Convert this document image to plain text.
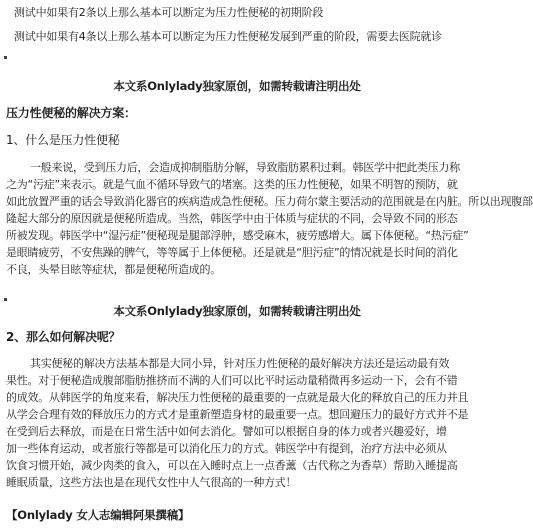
测试中如果有2条以上那么基本可以断定为压力性便秘的初期阶段
测试中如果有4条以上那么基本可以断定为压力性便秘发展到严重的阶段，需要去医院就诊
本文系Onlylady独家原创，如需转载请注明出处
压力性便秘的解决方案：
1、什么是压力性便秘
一般来说，受到压力后，会造成抑制脂肪分解，导致脂肪累积过剩。韩医学中把此类压力称
之为“污症”来表示。就是气血不循环导致气的堵塞。这类的压力性便秘，如果不明智的预防，就
如此放置严重的话会导致消化器官的疾病造成急性便秘。压力荷尔蒙主要活动的范围就是在内脏。所以出现腹部
隆起大部分的原因就是便秘所造成。当然，韩医学中由于体质与症状的不同，会导致不同的形态
所被发现。韩医学中“湿污症”便秘现是腿部浮肿，感受麻木，疲劳感增大。属下体便秘。“热污症”
是眼睛疲劳，不安焦躁的脾气，等等属于上体便秘。还是就是“胆污症”的情况就是长时间的消化
不良，头晕目眩等症状，都是便秘所造成的。
本文系Onlylady独家原创，如需转载请注明出处
2、那么如何解决呢？
其实便秘的解决方法基本都是大同小异，针对压力性便秘的最好解决方法还是运动最有效
果性。对于便秘造成腹部脂肪推挤而不满的人们可以比平时运动量稍微再多运动一下，会有不错
的成效。从韩医学的角度来看，解决压力性便秘的最重要的一点就是最大化的释放自己的压力并且
从学会合理有效的释放压力的方式才是重新塑造身材的最重要一点。想回避压力的最好方式并不是
在受到后去释放，而是在日常生活中如何去消化。譬如可以根据自身的体力或者兴趣爱好，增
加一些体育运动，或者旅行等都是可以消化压力的方式。韩医学中有提到，治疗方法中必须从
饮食习惯开始，减少肉类的食入，可以在入睡时点上一点香薰（古代称之为香草）帮助入睡提高
睡眠质量，这些方法也是在现代女性中人气很高的一种方式！
【Onlylady 女人志编辑阿果撰稿】
